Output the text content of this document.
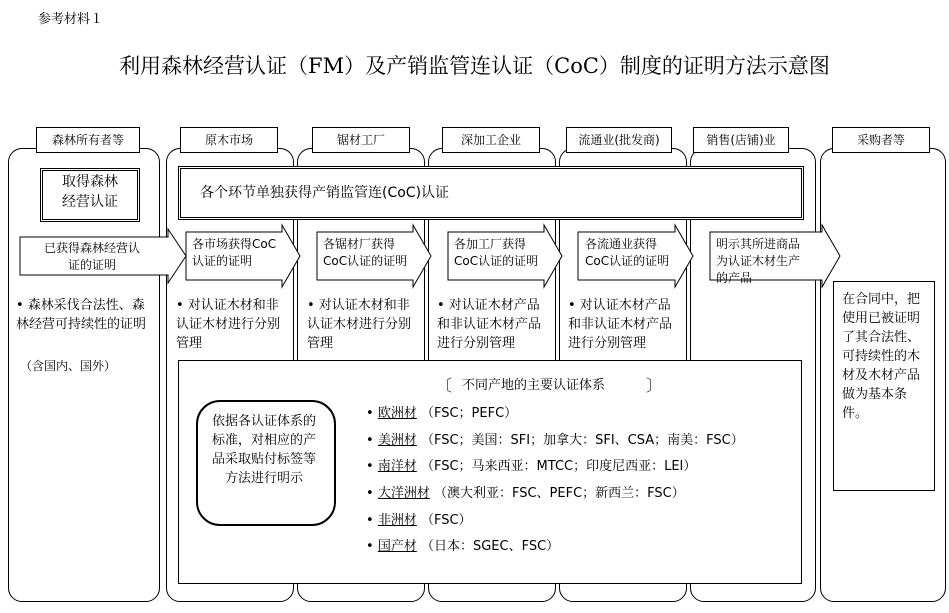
参考材料１
利用森林经营认证（FM）及产销监管连认证（CoC）制度的证明方法示意图
森林所有者等	原木市场	锯材工厂	深加工企业	流通业(批发商)	销售(店铺)业	采购者等
取得森林
经营认证
各个环节单独获得产销监管连(CoC)认证
已获得森林经营认证的证明
各市场获得CoC认证的证明
各锯材厂获得CoC认证的证明
各加工厂获得CoC认证的证明
各流通业获得CoC认证的证明
明示其所进商品为认证木材生产的产品
• 森林采伐合法性、森林经营可持续性的证明
（含国内、国外）
• 对认证木材和非认证木材进行分别管理
• 对认证木材和非认证木材进行分别管理
• 对认证木材产品和非认证木材产品进行分别管理
• 对认证木材产品和非认证木材产品进行分别管理
在合同中，把使用已被证明了其合法性、可持续性的木材及木材产品做为基本条件。
依据各认证体系的标准，对相应的产品采取贴付标签等方法进行明示
〔 不同产地的主要认证体系	〕
• 欧洲材 （FSC；PEFC）
• 美洲材 （FSC；美国：SFI；加拿大：SFI、CSA；南美：FSC）
• 南洋材 （FSC；马来西亚：MTCC；印度尼西亚：LEI）
• 大洋洲材 （澳大利亚：FSC、PEFC；新西兰：FSC）
• 非洲材 （FSC）
• 国产材 （日本：SGEC、FSC）
